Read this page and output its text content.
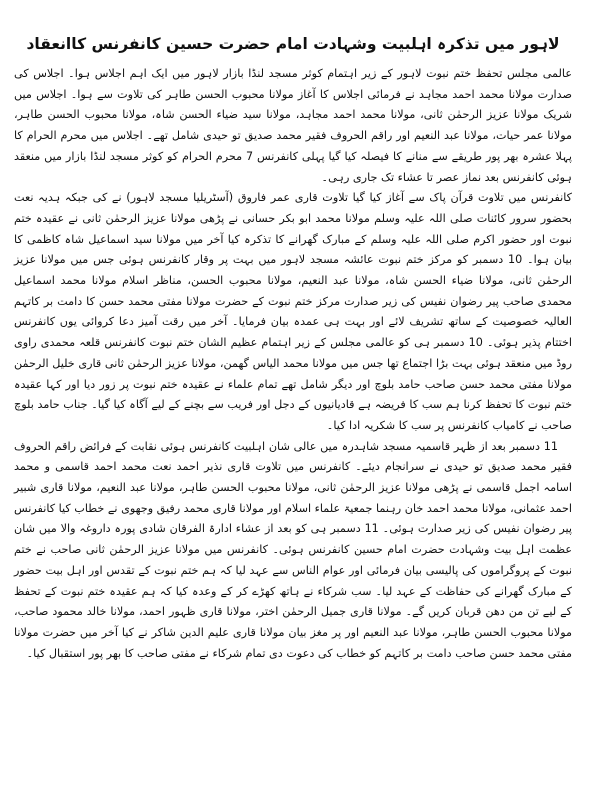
لاہور میں تذکرہ اہلبیت وشہادت امام حضرت حسین کانفرنس کاانعقاد

عالمی مجلس تحفظ ختم نبوت لاہور کے زیر اہتمام کوثر مسجد لنڈا بازار لاہور میں ایک اہم اجلاس ہوا۔ اجلاس کی صدارت مولانا محمد احمد مجاہد نے فرمائی اجلاس کا آغاز مولانا محبوب الحسن طاہر کی تلاوت سے ہوا۔ اجلاس میں شریک مولانا عزیز الرحمٰن ثانی، مولانا محمد احمد مجاہد، مولانا سید ضیاء الحسن شاہ، مولانا محبوب الحسن طاہر، مولانا عمر حیات، مولانا عبد النعیم اور راقم الحروف فقیر محمد صدیق تو حیدی شامل تھے۔ اجلاس میں محرم الحرام کا پہلا عشرہ بھر پور طریقے سے منانے کا فیصلہ کیا گیا پہلی کانفرنس 7 محرم الحرام کو کوثر مسجد لنڈا بازار میں منعقد ہوئی کانفرنس بعد نماز عصر تا عشاء تک جاری رہی۔

کانفرنس میں تلاوت قرآن پاک سے آغاز کیا گیا تلاوت قاری عمر فاروق (آسٹریلیا مسجد لاہور) نے کی جبکہ ہدیہ نعت بحضور سرور کائنات صلی اللہ علیہ وسلم مولانا محمد ابو بکر حسانی نے پڑھی مولانا عزیز الرحمٰن ثانی نے عقیدہ ختم نبوت اور حضور اکرم صلی اللہ علیہ وسلم کے مبارک گھرانے کا تذکرہ کیا آخر میں مولانا سید اسماعیل شاہ کاظمی کا بیان ہوا۔ 10 دسمبر کو مرکز ختم نبوت عائشہ مسجد لاہور میں بہت پر وقار کانفرنس ہوئی جس میں مولانا عزیز الرحمٰن ثانی، مولانا ضیاء الحسن شاہ، مولانا عبد النعیم، مولانا محبوب الحسن، مناظر اسلام مولانا محمد اسماعیل محمدی صاحب پیر رضوان نفیس کی زیر صدارت مرکز ختم نبوت کے حضرت مولانا مفتی محمد حسن کا دامت بر کاتہم العالیہ خصوصیت کے ساتھ تشریف لائے اور بہت ہی عمدہ بیان فرمایا۔ آخر میں رقت آمیز دعا کروائی یوں کانفرنس اختتام پذیر ہوئی۔ 10 دسمبر ہی کو عالمی مجلس کے زیر اہتمام عظیم الشان ختم نبوت کانفرنس قلعہ محمدی راوی روڈ میں منعقد ہوئی بہت بڑا اجتماع تھا جس میں مولانا محمد الیاس گھمن، مولانا عزیز الرحمٰن ثانی قاری خلیل الرحمٰن مولانا مفتی محمد حسن صاحب حامد بلوچ اور دیگر شامل تھے تمام علماء نے عقیدہ ختم نبوت پر زور دیا اور کہا عقیدہ ختم نبوت کا تحفظ کرنا ہم سب کا فریضہ ہے قادیانیوں کے دجل اور فریب سے بچنے کے لیے آگاہ کیا گیا۔ جناب حامد بلوچ صاحب نے کامیاب کانفرنس پر سب کا شکریہ ادا کیا۔

11 دسمبر بعد از ظہر قاسمیہ مسجد شاہدرہ میں عالی شان اہلبیت کانفرنس ہوئی نقابت کے فرائض راقم الحروف فقیر محمد صدیق تو حیدی نے سرانجام دیئے۔ کانفرنس میں تلاوت قاری نذیر احمد نعت محمد احمد قاسمی و محمد اسامہ اجمل قاسمی نے پڑھی مولانا عزیز الرحمٰن ثانی، مولانا محبوب الحسن طاہر، مولانا عبد النعیم، مولانا قاری شبیر احمد عثمانی، مولانا محمد احمد خان رہنما جمعیۃ علماء اسلام اور مولانا قاری محمد رفیق وجھوی نے خطاب کیا کانفرنس پیر رضوان نفیس کی زیر صدارت ہوئی۔ 11 دسمبر ہی کو بعد از عشاء ادارۃ الفرقان شادی پورہ داروغہ والا میں شان عظمت اہل بیت وشہادت حضرت امام حسین کانفرنس ہوئی۔ کانفرنس میں مولانا عزیز الرحمٰن ثانی صاحب نے ختم نبوت کے پروگراموں کی پالیسی بیان فرمائی اور عوام الناس سے عہد لیا کہ ہم ختم نبوت کے تقدس اور اہل بیت حضور کے مبارک گھرانے کی حفاظت کے عہد لیا۔ سب شرکاء نے ہاتھ کھڑے کر کے وعدہ کیا کہ ہم عقیدہ ختم نبوت کے تحفظ کے لیے تن من دھن قربان کریں گے۔ مولانا قاری جمیل الرحمٰن اختر، مولانا قاری ظہور احمد، مولانا خالد محمود صاحب، مولانا محبوب الحسن طاہر، مولانا عبد النعیم اور پر مغز بیان مولانا قاری علیم الدین شاکر نے کیا آخر میں حضرت مولانا مفتی محمد حسن صاحب دامت بر کاتہم کو خطاب کی دعوت دی تمام شرکاء نے مفتی صاحب کا بھر پور استقبال کیا۔
